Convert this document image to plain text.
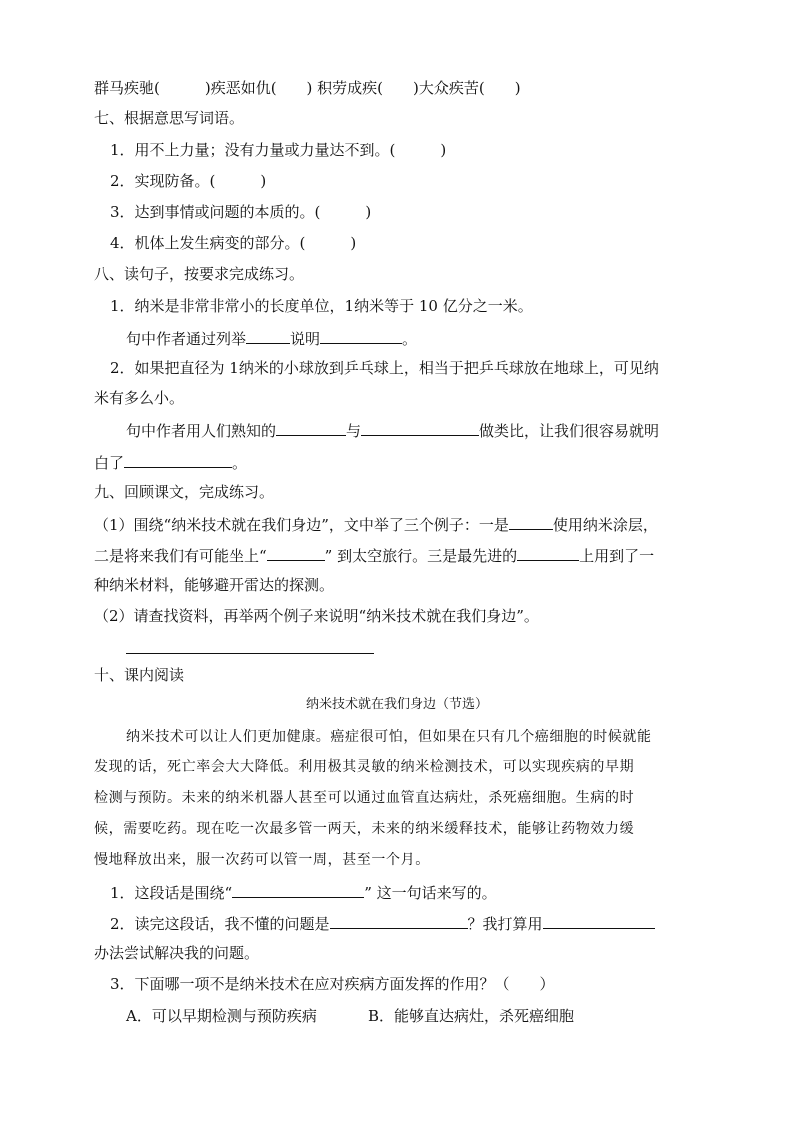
群马疾驰(　　　)疾恶如仇(　　) 积劳成疾(　　)大众疾苦(　　)
七、根据意思写词语。
1．用不上力量；没有力量或力量达不到。(　　　)
2．实现防备。(　　　)
3．达到事情或问题的本质的。(　　　)
4．机体上发生病变的部分。(　　　)
八、读句子，按要求完成练习。
1．纳米是非常非常小的长度单位，1纳米等于 10 亿分之一米。
句中作者通过列举	说明	。
2．如果把直径为 1纳米的小球放到乒乓球上，相当于把乒乓球放在地球上，可见纳
米有多么小。
句中作者用人们熟知的	与	做类比，让我们很容易就明
白了	。
九、回顾课文，完成练习。
（1）围绕“纳米技术就在我们身边”，文中举了三个例子：一是	使用纳米涂层，
二是将来我们有可能坐上“	” 到太空旅行。三是最先进的	上用到了一
种纳米材料，能够避开雷达的探测。
（2）请查找资料，再举两个例子来说明“纳米技术就在我们身边”。
十、课内阅读
纳米技术就在我们身边（节选）
纳米技术可以让人们更加健康。癌症很可怕，但如果在只有几个癌细胞的时候就能
发现的话，死亡率会大大降低。利用极其灵敏的纳米检测技术，可以实现疾病的早期
检测与预防。未来的纳米机器人甚至可以通过血管直达病灶，杀死癌细胞。生病的时
候，需要吃药。现在吃一次最多管一两天，未来的纳米缓释技术，能够让药物效力缓
慢地释放出来，服一次药可以管一周，甚至一个月。
1．这段话是围绕“	” 这一句话来写的。
2．读完这段话，我不懂的问题是	？我打算用
办法尝试解决我的问题。
3．下面哪一项不是纳米技术在应对疾病方面发挥的作用？（　　）
A．可以早期检测与预防疾病	B．能够直达病灶，杀死癌细胞
